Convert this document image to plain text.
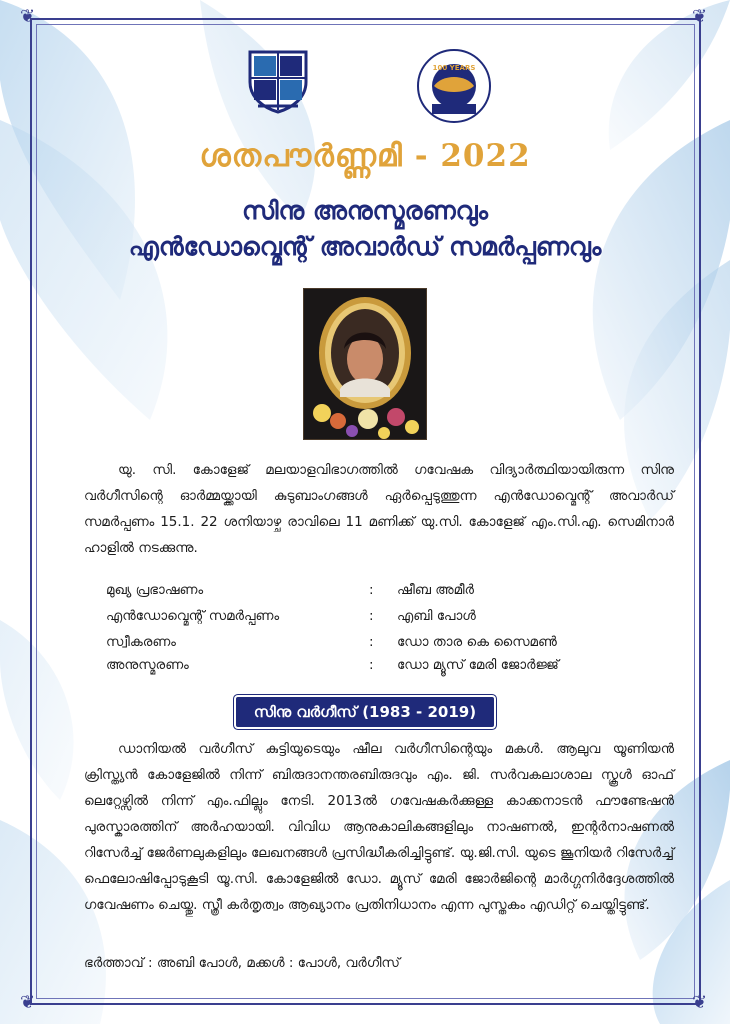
❦	❦
❦	❦
100 YEARS
ശതപൗർണ്ണമി - 2022
സിനു അനുസ്മരണവും
എൻഡോവ്മെന്റ് അവാർഡ് സമർപ്പണവും
യു. സി. കോളേജ് മലയാളവിഭാഗത്തിൽ ഗവേഷക വിദ്യാർത്ഥിയായിരുന്ന സിനു വർഗീസിന്റെ ഓർമ്മയ്ക്കായി കുടുബാംഗങ്ങൾ ഏർപ്പെടുത്തുന്ന എൻഡോവ്മെന്റ് അവാർഡ് സമർപ്പണം 15.1. 22 ശനിയാഴ്ച രാവിലെ 11 മണിക്ക് യു.സി. കോളേജ് എം.സി.എ. സെമിനാർ ഹാളിൽ നടക്കുന്നു.
മുഖ്യ പ്രഭാഷണം	: ഷീബ അമീർ
എൻഡോവ്മെന്റ് സമർപ്പണം	: എബി പോൾ
സ്വീകരണം	: ഡോ താര കെ സൈമൺ
അനുസ്മരണം	: ഡോ മ്യൂസ് മേരി ജോർജ്ജ്
സിനു വർഗീസ് (1983 - 2019)
ഡാനിയൽ വർഗീസ് കുട്ടിയുടെയും ഷീല വർഗീസിന്റെയും മകൾ. ആലുവ യൂണിയൻ ക്രിസ്ത്യൻ കോളേജിൽ നിന്ന് ബിരുദാനന്തരബിരുദവും എം. ജി. സർവകലാശാല സ്കൂൾ ഓഫ് ലെറ്റേഴ്സിൽ നിന്ന് എം.ഫില്ലും നേടി. 2013ൽ ഗവേഷകർക്കുള്ള കാക്കനാടൻ ഫൗണ്ടേഷൻ പുരസ്കാരത്തിന് അർഹയായി. വിവിധ ആനുകാലികങ്ങളിലും നാഷണൽ, ഇന്റർനാഷണൽ റിസേർച്ച് ജേർണലുകളിലും ലേഖനങ്ങൾ പ്രസിദ്ധീകരിച്ചിട്ടുണ്ട്. യു.ജി.സി. യുടെ ജൂനിയർ റിസേർച്ച് ഫെലോഷിപ്പോടുകൂടി യൂ.സി. കോളേജിൽ ഡോ. മ്യൂസ് മേരി ജോർജിന്റെ മാർഗ്ഗനിർദ്ദേശത്തിൽ ഗവേഷണം ചെയ്തു. സ്ത്രീ കർതൃത്വം ആഖ്യാനം പ്രതിനിധാനം എന്ന പുസ്തകം എഡിറ്റ് ചെയ്തിട്ടുണ്ട്.
ഭർത്താവ് : അബി പോൾ, മക്കൾ : പോൾ, വർഗീസ്
